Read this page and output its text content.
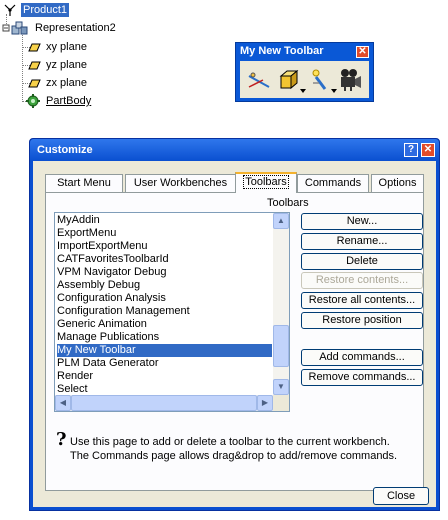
Product1
Representation2
xy plane
yz plane
zx plane
PartBody
My New Toolbar	✕
Customize	? ✕
Start Menu	User Workbenches	Toolbars	Commands	Options
Toolbars
MyAddin
ExportMenu
ImportExportMenu
CATFavoritesToolbarId
VPM Navigator Debug
Assembly Debug
Configuration Analysis
Configuration Management
Generic Animation
Manage Publications
My New Toolbar
PLM Data Generator
Render
Select
▲
▼
◀	▶
New...
Rename...
Delete
Restore contents...
Restore all contents...
Restore position
Add commands...
Remove commands...
? Use this page to add or delete a toolbar to the current workbench.
The Commands page allows drag&drop to add/remove commands.
Close
